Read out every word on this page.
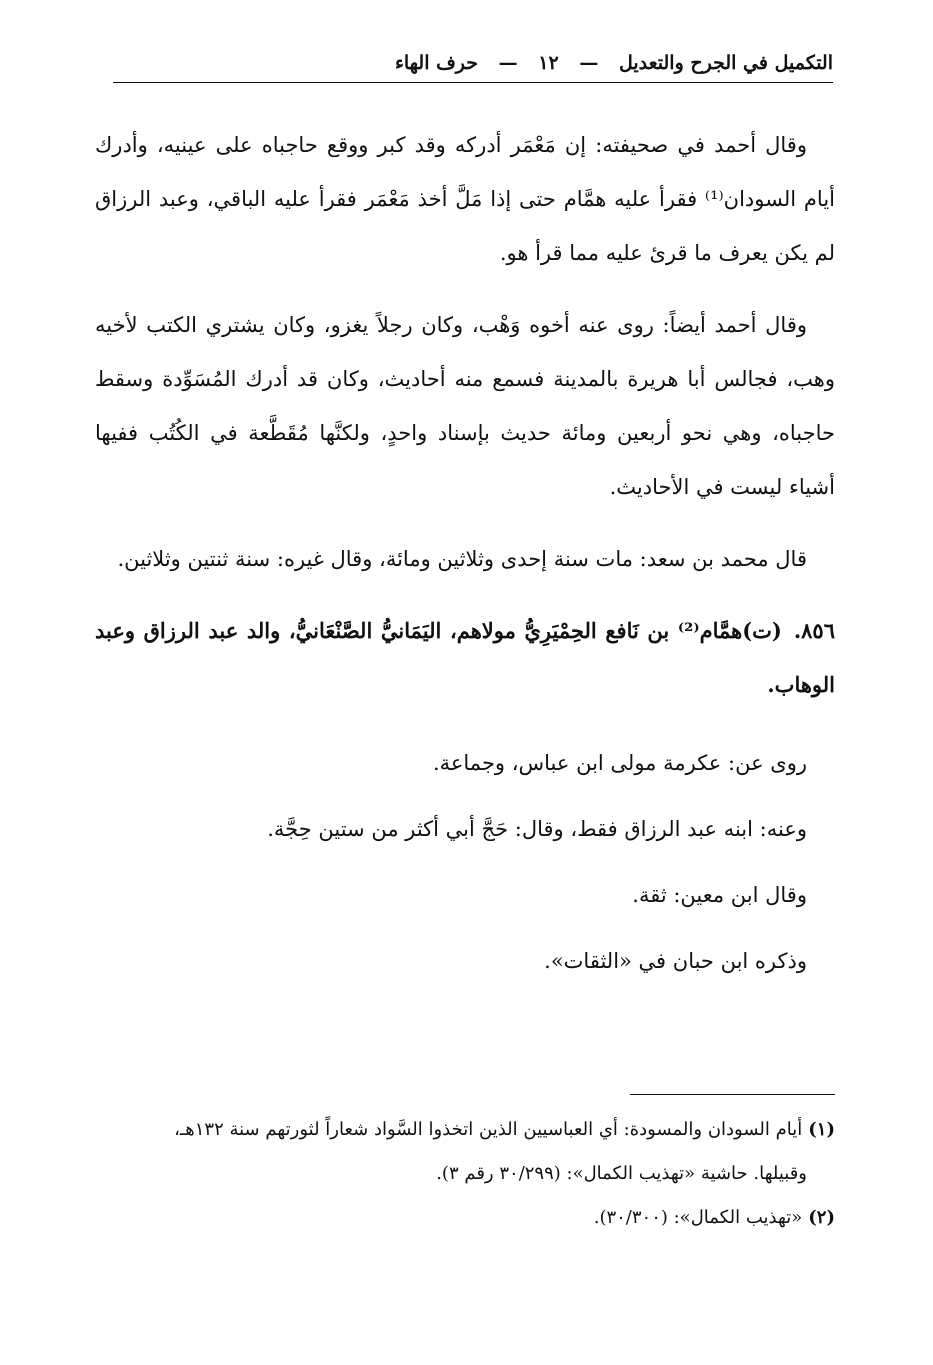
التكميل في الجرح والتعديل — ١٢ — حرف الهاء

وقال أحمد في صحيفته: إن مَعْمَر أدركه وقد كبر ووقع حاجباه على عينيه، وأدرك أيام السودان⁽¹⁾ فقرأ عليه همَّام حتى إذا مَلَّ أخذ مَعْمَر فقرأ عليه الباقي، وعبد الرزاق لم يكن يعرف ما قرئ عليه مما قرأ هو.

وقال أحمد أيضاً: روى عنه أخوه وَهْب، وكان رجلاً يغزو، وكان يشتري الكتب لأخيه وهب، فجالس أبا هريرة بالمدينة فسمع منه أحاديث، وكان قد أدرك المُسَوِّدة وسقط حاجباه، وهي نحو أربعين ومائة حديث بإسناد واحدٍ، ولكنَّها مُقَطَّعة في الكُتُب ففيها أشياء ليست في الأحاديث.

قال محمد بن سعد: مات سنة إحدى وثلاثين ومائة، وقال غيره: سنة ثنتين وثلاثين.

٨٥٦.(ت)همَّام⁽²⁾ بن نَافع الحِمْيَرِيُّ مولاهم، اليَمَانيُّ الصَّنْعَانيُّ، والد عبد الرزاق وعبد الوهاب.

روى عن: عكرمة مولى ابن عباس، وجماعة.

وعنه: ابنه عبد الرزاق فقط، وقال: حَجَّ أبي أكثر من ستين حِجَّة.

وقال ابن معين: ثقة.

وذكره ابن حبان في «الثقات».

(١)أيام السودان والمسودة: أي العباسيين الذين اتخذوا السَّواد شعاراً لثورتهم سنة ١٣٢هـ،

وقبيلها. حاشية «تهذيب الكمال»: (٣٠/٢٩٩ رقم ٣).

(٢)«تهذيب الكمال»: (٣٠/٣٠٠).
